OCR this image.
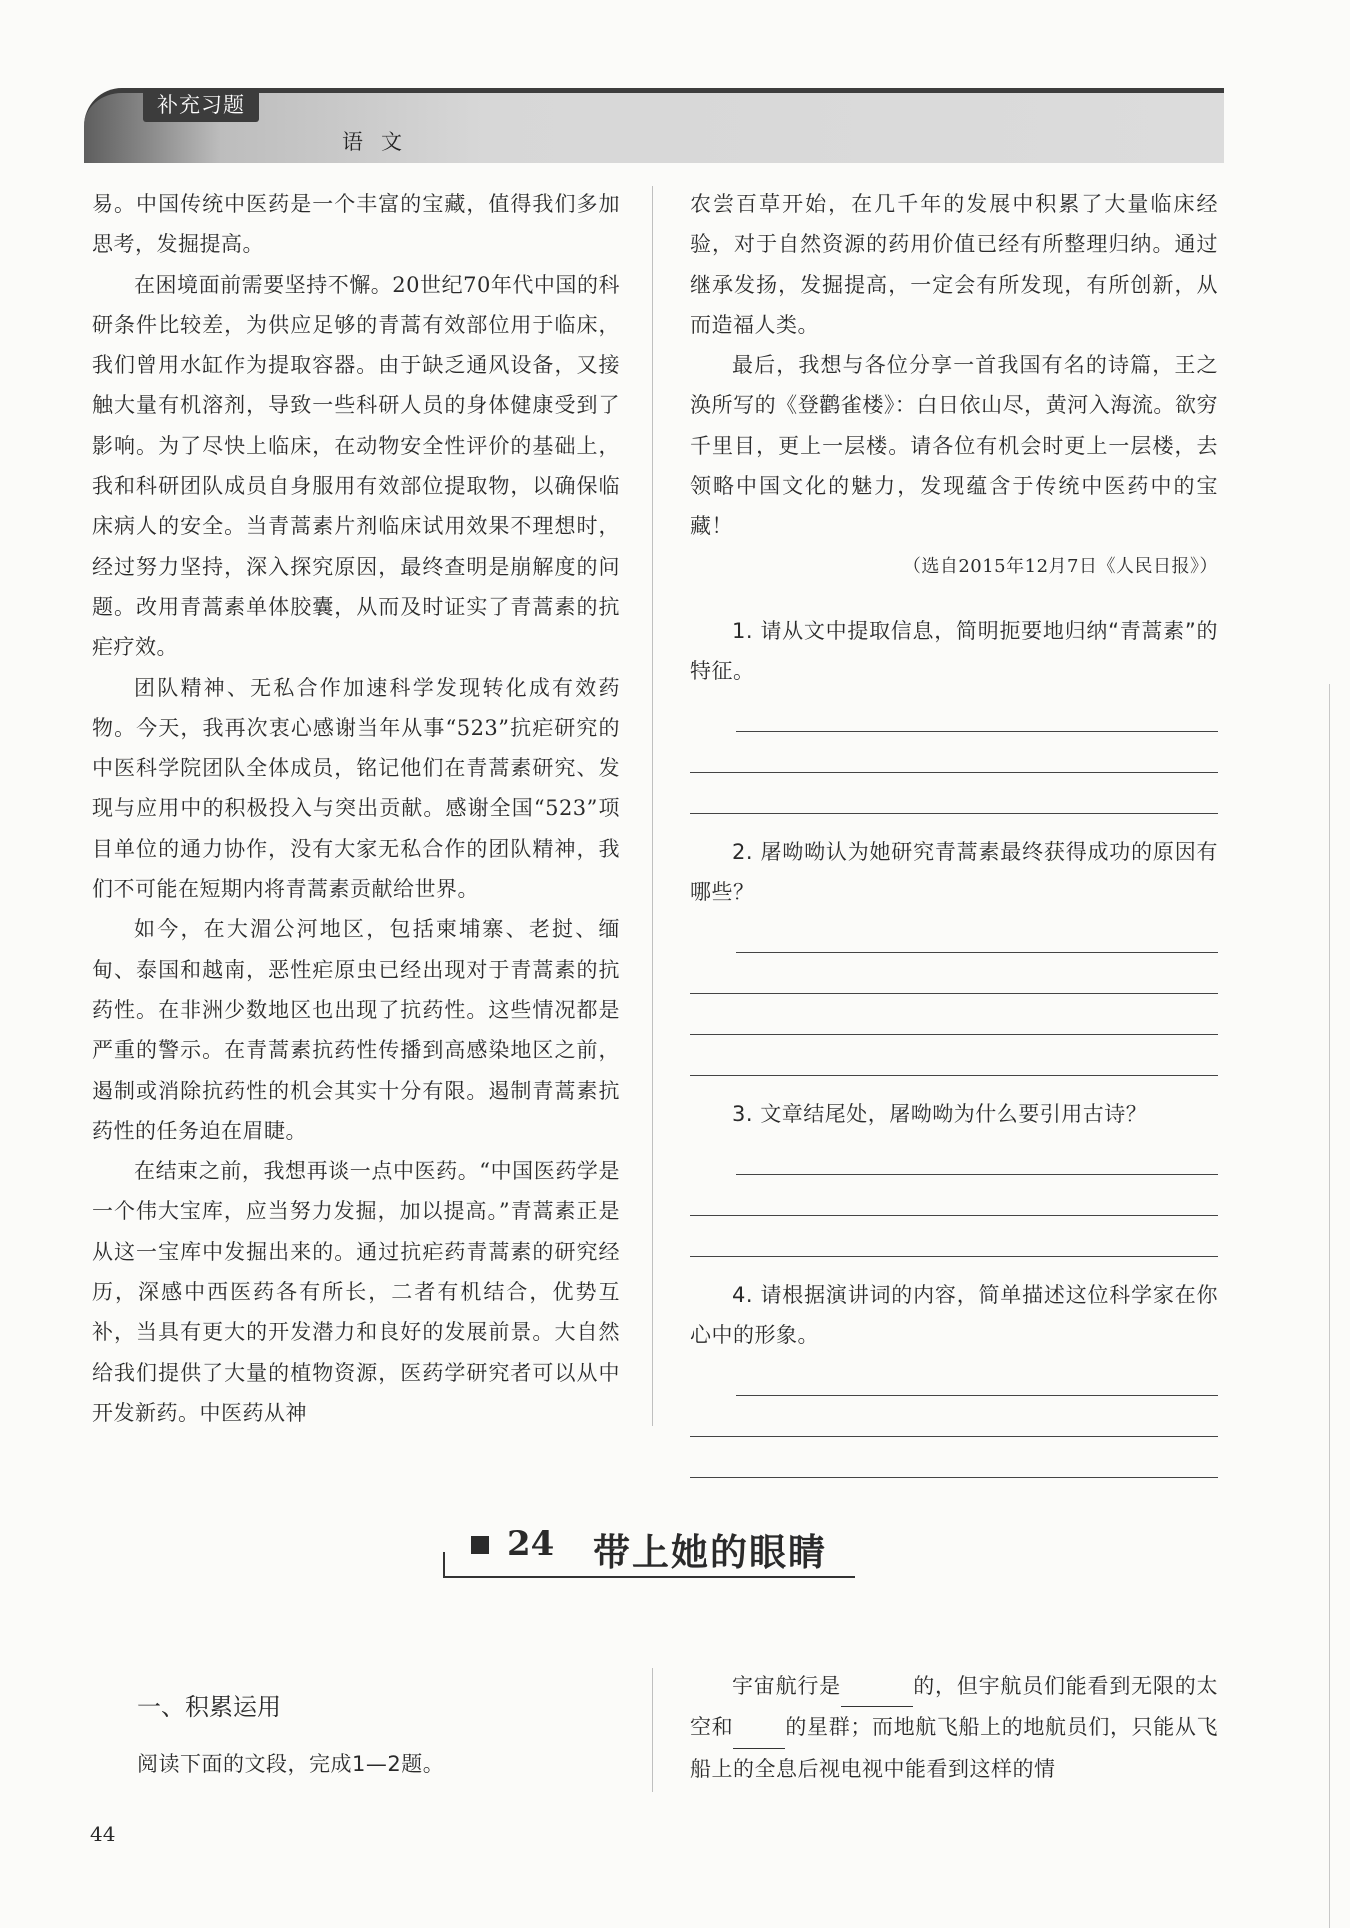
补充习题
语文

易。中国传统中医药是一个丰富的宝藏，值得我们多加思考，发掘提高。

在困境面前需要坚持不懈。20世纪70年代中国的科研条件比较差，为供应足够的青蒿有效部位用于临床，我们曾用水缸作为提取容器。由于缺乏通风设备，又接触大量有机溶剂，导致一些科研人员的身体健康受到了影响。为了尽快上临床，在动物安全性评价的基础上，我和科研团队成员自身服用有效部位提取物，以确保临床病人的安全。当青蒿素片剂临床试用效果不理想时，经过努力坚持，深入探究原因，最终查明是崩解度的问题。改用青蒿素单体胶囊，从而及时证实了青蒿素的抗疟疗效。

团队精神、无私合作加速科学发现转化成有效药物。今天，我再次衷心感谢当年从事“523”抗疟研究的中医科学院团队全体成员，铭记他们在青蒿素研究、发现与应用中的积极投入与突出贡献。感谢全国“523”项目单位的通力协作，没有大家无私合作的团队精神，我们不可能在短期内将青蒿素贡献给世界。

如今，在大湄公河地区，包括柬埔寨、老挝、缅甸、泰国和越南，恶性疟原虫已经出现对于青蒿素的抗药性。在非洲少数地区也出现了抗药性。这些情况都是严重的警示。在青蒿素抗药性传播到高感染地区之前，遏制或消除抗药性的机会其实十分有限。遏制青蒿素抗药性的任务迫在眉睫。

在结束之前，我想再谈一点中医药。“中国医药学是一个伟大宝库，应当努力发掘，加以提高。”青蒿素正是从这一宝库中发掘出来的。通过抗疟药青蒿素的研究经历，深感中西医药各有所长，二者有机结合，优势互补，当具有更大的开发潜力和良好的发展前景。大自然给我们提供了大量的植物资源，医药学研究者可以从中开发新药。中医药从神

农尝百草开始，在几千年的发展中积累了大量临床经验，对于自然资源的药用价值已经有所整理归纳。通过继承发扬，发掘提高，一定会有所发现，有所创新，从而造福人类。

最后，我想与各位分享一首我国有名的诗篇，王之涣所写的《登鹳雀楼》：白日依山尽，黄河入海流。欲穷千里目，更上一层楼。请各位有机会时更上一层楼，去领略中国文化的魅力，发现蕴含于传统中医药中的宝藏！

（选自2015年12月7日《人民日报》）

1. 请从文中提取信息，简明扼要地归纳“青蒿素”的特征。
2. 屠呦呦认为她研究青蒿素最终获得成功的原因有哪些？
3. 文章结尾处，屠呦呦为什么要引用古诗？
4. 请根据演讲词的内容，简单描述这位科学家在你心中的形象。
24 带上她的眼睛
一、积累运用
阅读下面的文段，完成1—2题。

宇宙航行是	的，但宇航员们能看到无限的太空和 的星群；而地航飞船上的地航员们，只能从飞船上的全息后视电视中能看到这样的情

44
